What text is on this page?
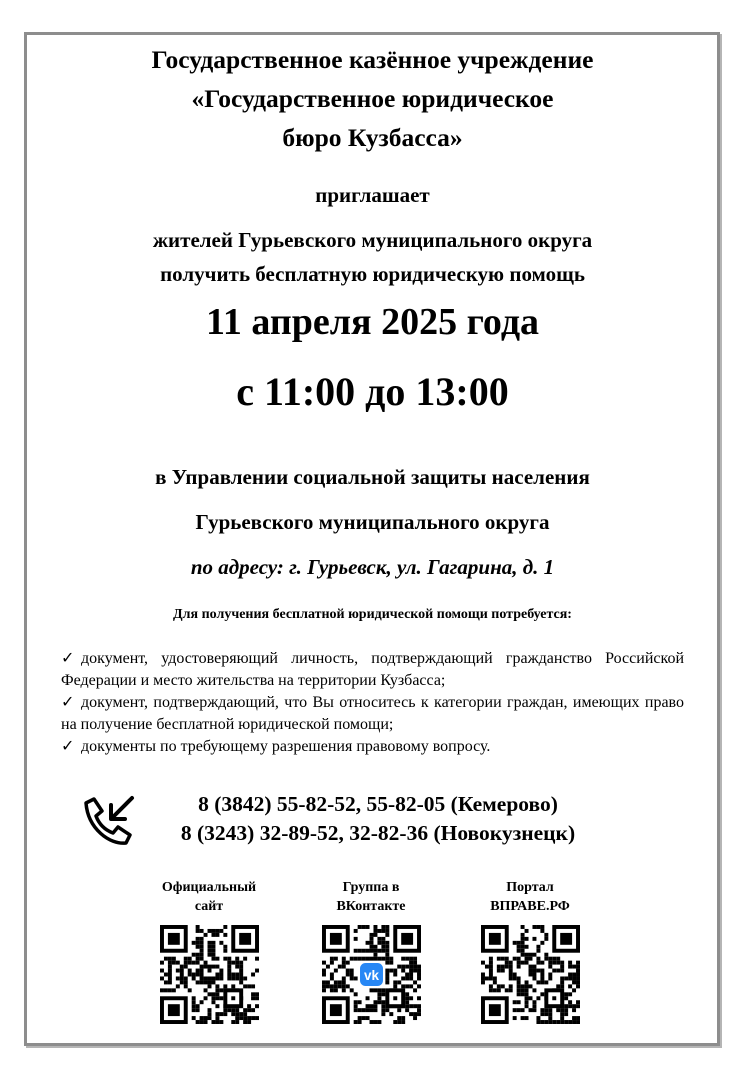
Государственное казённое учреждение
«Государственное юридическое
бюро Кузбасса»
приглашает
жителей Гурьевского муниципального округа
получить бесплатную юридическую помощь
11 апреля 2025 года
с 11:00 до 13:00
в Управлении социальной защиты населения
Гурьевского муниципального округа
по адресу: г. Гурьевск, ул. Гагарина, д. 1
Для получения бесплатной юридической помощи потребуется:
✓ документ, удостоверяющий личность, подтверждающий гражданство Российской Федерации и место жительства на территории Кузбасса;
✓ документ, подтверждающий, что Вы относитесь к категории граждан, имеющих право на получение бесплатной юридической помощи;
✓ документы по требующему разрешения правовому вопросу.
8 (3842) 55-82-52, 55-82-05 (Кемерово)
8 (3243) 32-89-52, 32-82-36 (Новокузнецк)
Официальный
сайт
Группа в
ВКонтакте
vk
Портал
ВПРАВЕ.РФ
